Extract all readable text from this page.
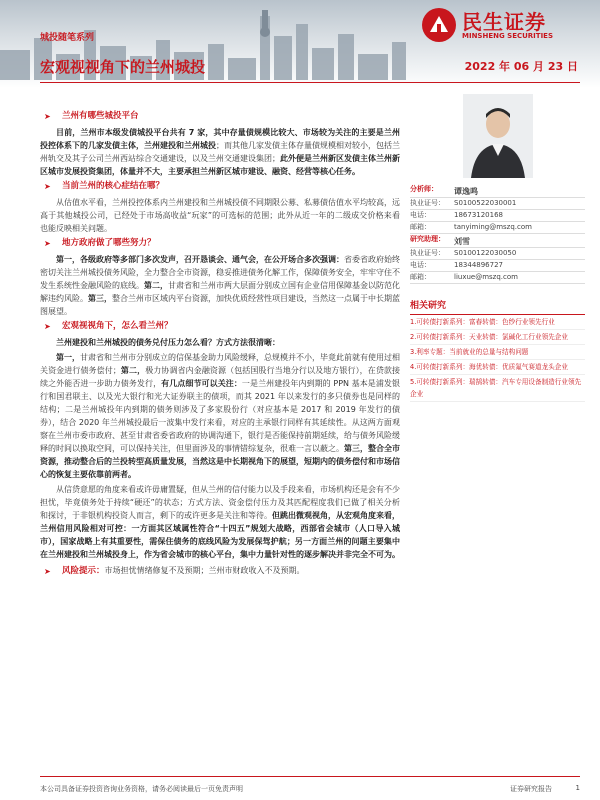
城投随笔系列
宏观视视角下的兰州城投	2022 年 06 月 23 日
民生证券
MINSHENG SECURITIES
➤ 兰州有哪些城投平台

目前，兰州市本级发债城投平台共有 7 家，其中存量债规模比较大、市场较为关注的主要是兰州投控体系下的几家发债主体，兰州建投和兰州城投；而其他几家发债主体存量债规模相对较小，包括兰州轨交及其子公司兰州西站综合交通建设，以及兰州交通建设集团；此外便是兰州新区发债主体兰州新区城市发展投资集团，体量并不大，主要承担兰州新区城市建设、融资、经营等核心任务。

➤ 当前兰州的核心症结在哪？

从估值水平看，兰州投控体系内兰州建投和兰州城投债不同期限公募、私募债估值水平均较高，远高于其他城投公司，已经处于市场高收益“玩家”的可选标的范围；此外从近一年的二级成交价格来看也能反映相关问题。

➤ 地方政府做了哪些努力？

第一，各级政府等多部门多次发声，召开恳谈会、通气会，在公开场合多次强调：省委省政府始终密切关注兰州城投债务风险，全力整合全市资源，稳妥推进债务化解工作，保障债务安全，牢牢守住不发生系统性金融风险的底线。第二，甘肃省和兰州市两大层面分别成立国有企业信用保障基金以防范化解违约风险。第三，整合兰州市区域内平台资源，加快优质经营性项目建设，当然这一点属于中长期蓝图展望。

➤ 宏观视视角下，怎么看兰州？

兰州建投和兰州城投的债务兑付压力怎么看？方式方法很清晰：

第一，甘肃省和兰州市分别成立的信保基金助力风险缓释，总规模并不小，毕竟此前就有使用过相关资金进行债务偿付；第二，极力协调省内金融资源（包括国股行当地分行以及地方银行），在贷款接续之外能否进一步助力债务发行，有几点细节可以关注：一是兰州建投年内到期的 PPN 基本是浦发银行和国君联主、以及光大银行和光大证券联主的债项，而其 2021 年以来发行的多只债券也是同样的结构；二是兰州城投年内到期的债务则涉及了多家股份行（对应基本是 2017 和 2019 年发行的债券），结合 2020 年兰州城投最后一波集中发行来看，对应的主承银行同样有其延续性。从这两方面观察在兰州市委市政府、甚至甘肃省委省政府的协调沟通下，银行是否能保持前期延续，给与债务风险缓释的时间以换取空间，可以保持关注，但里面涉及的事情错综复杂，很难一言以蔽之。第三，整合全市资源，推动整合后的兰投转型高质量发展，当然这是中长期视角下的展望，短期内的债务偿付和市场信心的恢复主要依靠前两者。

从信贷意愿的角度来看或许毋庸置疑，但从兰州的信付能力以及手段来看，市场机构还是会有不少担忧，毕竟债务处于持续“硬还”的状态；方式方法、资金偿付压力及其匹配程度我们已做了相关分析和探讨，于非银机构投资人而言，剩下的或许更多是关注和等待。但跳出微观视角，从宏观角度来看，兰州信用风险相对可控：一方面其区域属性符合“十四五”规划大战略，西部省会城市（人口导入城市），国家战略上有其重要性，需保住债务的底线风险为发展保驾护航；另一方面兰州的问题主要集中在兰州建投和兰州城投身上，作为省会城市的核心平台，集中力量针对性的逐步解决并非完全不可为。

➤ 风险提示：市场担忧情绪修复不及预期；兰州市财政收入不及预期。
分析师：	谭逸鸣
执业证号：	S0100522030001
电话：	18673120168
邮箱：	tanyiming@mszq.com
研究助理：	刘雪
执业证号：	S0100122030050
电话：	18344896727
邮箱：	liuxue@mszq.com
相关研究
1.可转债打新系列：富春转债：色纱行业领先行业
2.可转债打新系列：天业转债：氯碱化工行业领先企业
3.利率专题：当前就业的总量与结构问题
4.可转债打新系列：海优转债：优质氟气赛道龙头企业
5.可转债打新系列：瑞鹄转债：汽车专用设备制造行业领先企业
本公司具备证券投资咨询业务资格，请务必阅读最后一页免责声明	证券研究报告	1
